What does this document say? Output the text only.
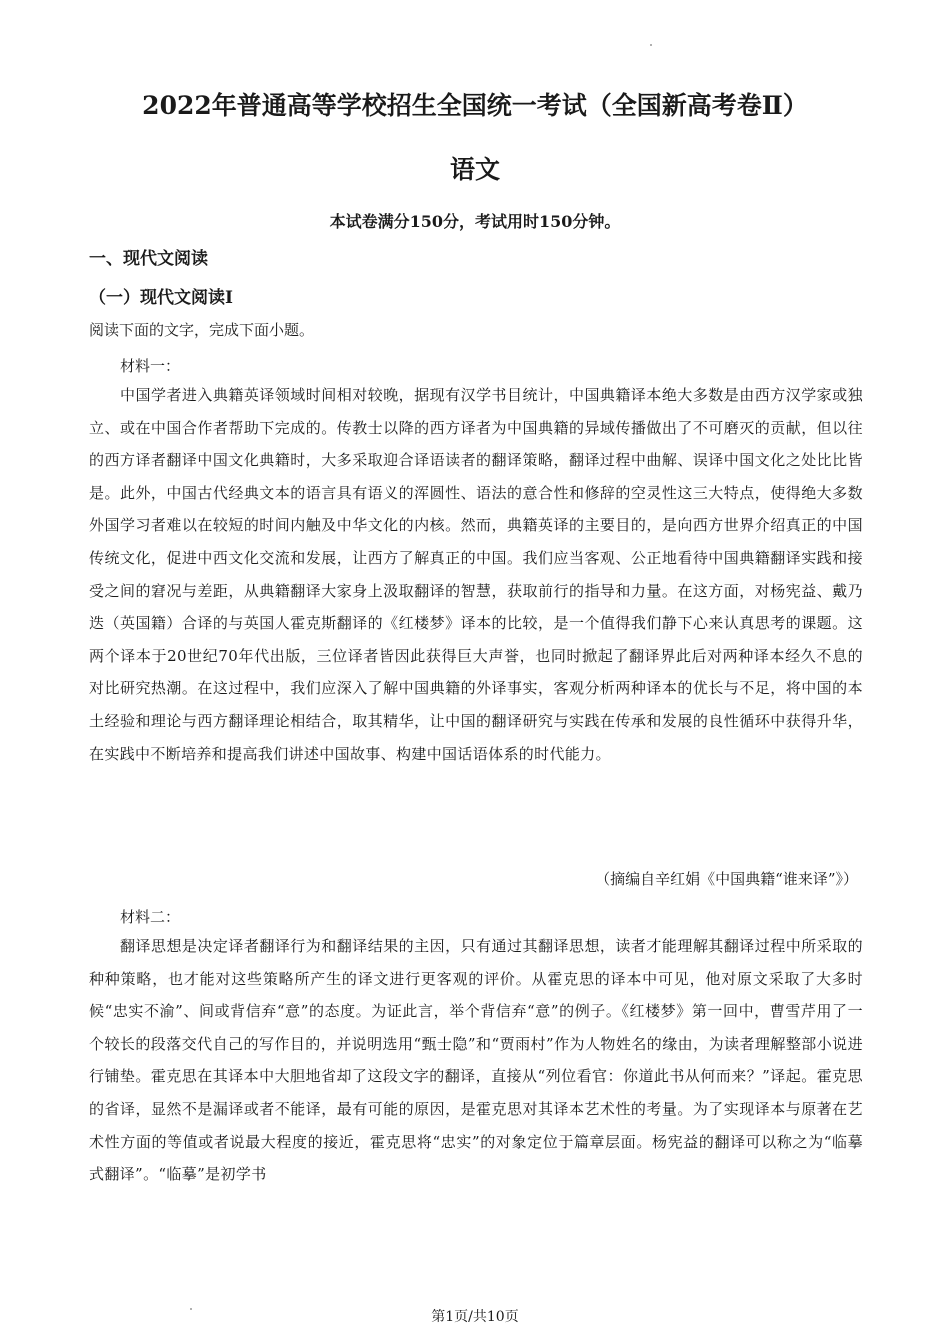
2022年普通高等学校招生全国统一考试（全国新高考卷Ⅱ）
语文
本试卷满分150分，考试用时150分钟。
一、现代文阅读
（一）现代文阅读Ⅰ
阅读下面的文字，完成下面小题。
材料一：

中国学者进入典籍英译领域时间相对较晚，据现有汉学书目统计，中国典籍译本绝大多数是由西方汉学家或独立、或在中国合作者帮助下完成的。传教士以降的西方译者为中国典籍的异域传播做出了不可磨灭的贡献，但以往的西方译者翻译中国文化典籍时，大多采取迎合译语读者的翻译策略，翻译过程中曲解、误译中国文化之处比比皆是。此外，中国古代经典文本的语言具有语义的浑圆性、语法的意合性和修辞的空灵性这三大特点，使得绝大多数外国学习者难以在较短的时间内触及中华文化的内核。然而，典籍英译的主要目的，是向西方世界介绍真正的中国传统文化，促进中西文化交流和发展，让西方了解真正的中国。我们应当客观、公正地看待中国典籍翻译实践和接受之间的窘况与差距，从典籍翻译大家身上汲取翻译的智慧，获取前行的指导和力量。在这方面，对杨宪益、戴乃迭（英国籍）合译的与英国人霍克斯翻译的《红楼梦》译本的比较，是一个值得我们静下心来认真思考的课题。这两个译本于20世纪70年代出版，三位译者皆因此获得巨大声誉，也同时掀起了翻译界此后对两种译本经久不息的对比研究热潮。在这过程中，我们应深入了解中国典籍的外译事实，客观分析两种译本的优长与不足，将中国的本土经验和理论与西方翻译理论相结合，取其精华，让中国的翻译研究与实践在传承和发展的良性循环中获得升华，在实践中不断培养和提高我们讲述中国故事、构建中国话语体系的时代能力。

（摘编自辛红娟《中国典籍“谁来译”》）
材料二：

翻译思想是决定译者翻译行为和翻译结果的主因，只有通过其翻译思想，读者才能理解其翻译过程中所采取的种种策略，也才能对这些策略所产生的译文进行更客观的评价。从霍克思的译本中可见，他对原文采取了大多时候“忠实不渝”、间或背信弃“意”的态度。为证此言，举个背信弃“意”的例子。《红楼梦》第一回中，曹雪芹用了一个较长的段落交代自己的写作目的，并说明选用“甄士隐”和“贾雨村”作为人物姓名的缘由，为读者理解整部小说进行铺垫。霍克思在其译本中大胆地省却了这段文字的翻译，直接从“列位看官：你道此书从何而来？”译起。霍克思的省译，显然不是漏译或者不能译，最有可能的原因，是霍克思对其译本艺术性的考量。为了实现译本与原著在艺术性方面的等值或者说最大程度的接近，霍克思将“忠实”的对象定位于篇章层面。杨宪益的翻译可以称之为“临摹式翻译”。“临摹”是初学书

第1页/共10页
